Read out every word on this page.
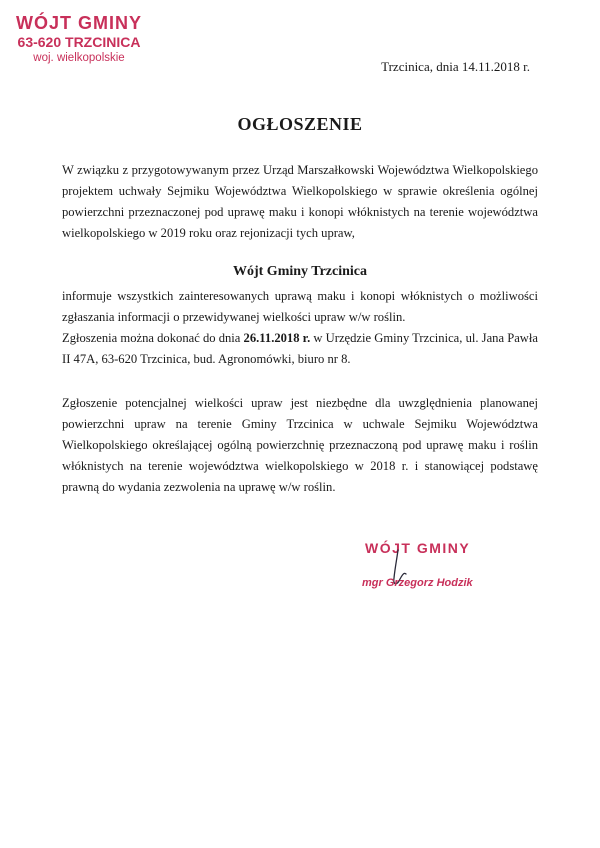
WÓJT GMINY
63-620 TRZCINICA
woj. wielkopolskie
Trzcinica, dnia 14.11.2018 r.
OGŁOSZENIE
W związku z przygotowywanym przez Urząd Marszałkowski Województwa Wielkopolskiego projektem uchwały Sejmiku Województwa Wielkopolskiego w sprawie określenia ogólnej powierzchni przeznaczonej pod uprawę maku i konopi włóknistych na terenie województwa wielkopolskiego w 2019 roku oraz rejonizacji tych upraw,
Wójt Gminy Trzcinica
informuje wszystkich zainteresowanych uprawą maku i konopi włóknistych o możliwości zgłaszania informacji o przewidywanej wielkości upraw w/w roślin.
Zgłoszenia można dokonać do dnia 26.11.2018 r. w Urzędzie Gminy Trzcinica, ul. Jana Pawła II 47A, 63-620 Trzcinica, bud. Agronomówki, biuro nr 8.
Zgłoszenie potencjalnej wielkości upraw jest niezbędne dla uwzględnienia planowanej powierzchni upraw na terenie Gminy Trzcinica w uchwale Sejmiku Województwa Wielkopolskiego określającej ogólną powierzchnię przeznaczoną pod uprawę maku i roślin włóknistych na terenie województwa wielkopolskiego w 2018 r. i stanowiącej podstawę prawną do wydania zezwolenia na uprawę w/w roślin.
WÓJT GMINY
mgr Grzegorz Hodzik
